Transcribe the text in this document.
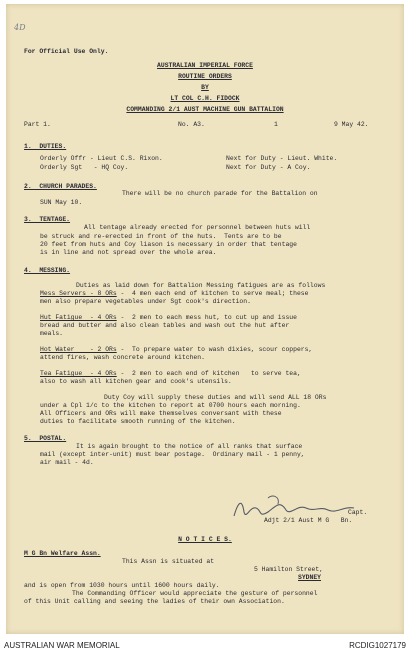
4D
For Official Use Only.
AUSTRALIAN IMPERIAL FORCE
ROUTINE ORDERS
BY
LT COL C.H. FIDOCK
COMMANDING 2/1 AUST MACHINE GUN BATTALION
Part 1.	No. A3.	1	9 May 42.
1.  DUTIES.
Orderly Offr - Lieut C.S. Rixon.	Next for Duty - Lieut. White.
Orderly Sgt   - HQ Coy.	Next for Duty - A Coy.
2.  CHURCH PARADES.
There will be no church parade for the Battalion on
SUN May 10.
3.  TENTAGE.
All tentage already erected for personnel between huts will
be struck and re-erected in front of the huts.  Tents are to be
20 feet from huts and Coy liason is necessary in order that tentage
is in line and not spread over the whole area.
4.  MESSING.
Duties as laid down for Battalion Messing fatigues are as follows
Mess Servers - 8 ORs -  4 men each end of kitchen to serve meal; these
men also prepare vegetables under Sgt cook's direction.
Hut Fatigue  - 4 ORs -  2 men to each mess hut, to cut up and issue
bread and butter and also clean tables and wash out the hut after
meals.
Hot Water    - 2 ORs -  To prepare water to wash dixies, scour coppers,
attend fires, wash concrete around kitchen.
Tea Fatigue  - 4 ORs -  2 men to each end of kitchen   to serve tea,
also to wash all kitchen gear and cook's utensils.
Duty Coy will supply these duties and will send ALL 18 ORs
under a Cpl 1/c to the kitchen to report at 0700 hours each morning.
All Officers and ORs will make themselves conversant with these
duties to facilitate smooth running of the kitchen.
5.  POSTAL.
It is again brought to the notice of all ranks that surface
mail (except inter-unit) must bear postage.  Ordinary mail - 1 penny,
air mail - 4d.
Capt.
Adjt 2/1 Aust M G   Bn.
N O T I C E S.
M G Bn Welfare Assn.
This Assn is situated at
5 Hamilton Street,
SYDNEY
and is open from 1030 hours until 1600 hours daily.
The Commanding Officer would appreciate the gesture of personnel
of this Unit calling and seeing the ladies of their own Association.
AUSTRALIAN WAR MEMORIAL	RCDIG1027179
